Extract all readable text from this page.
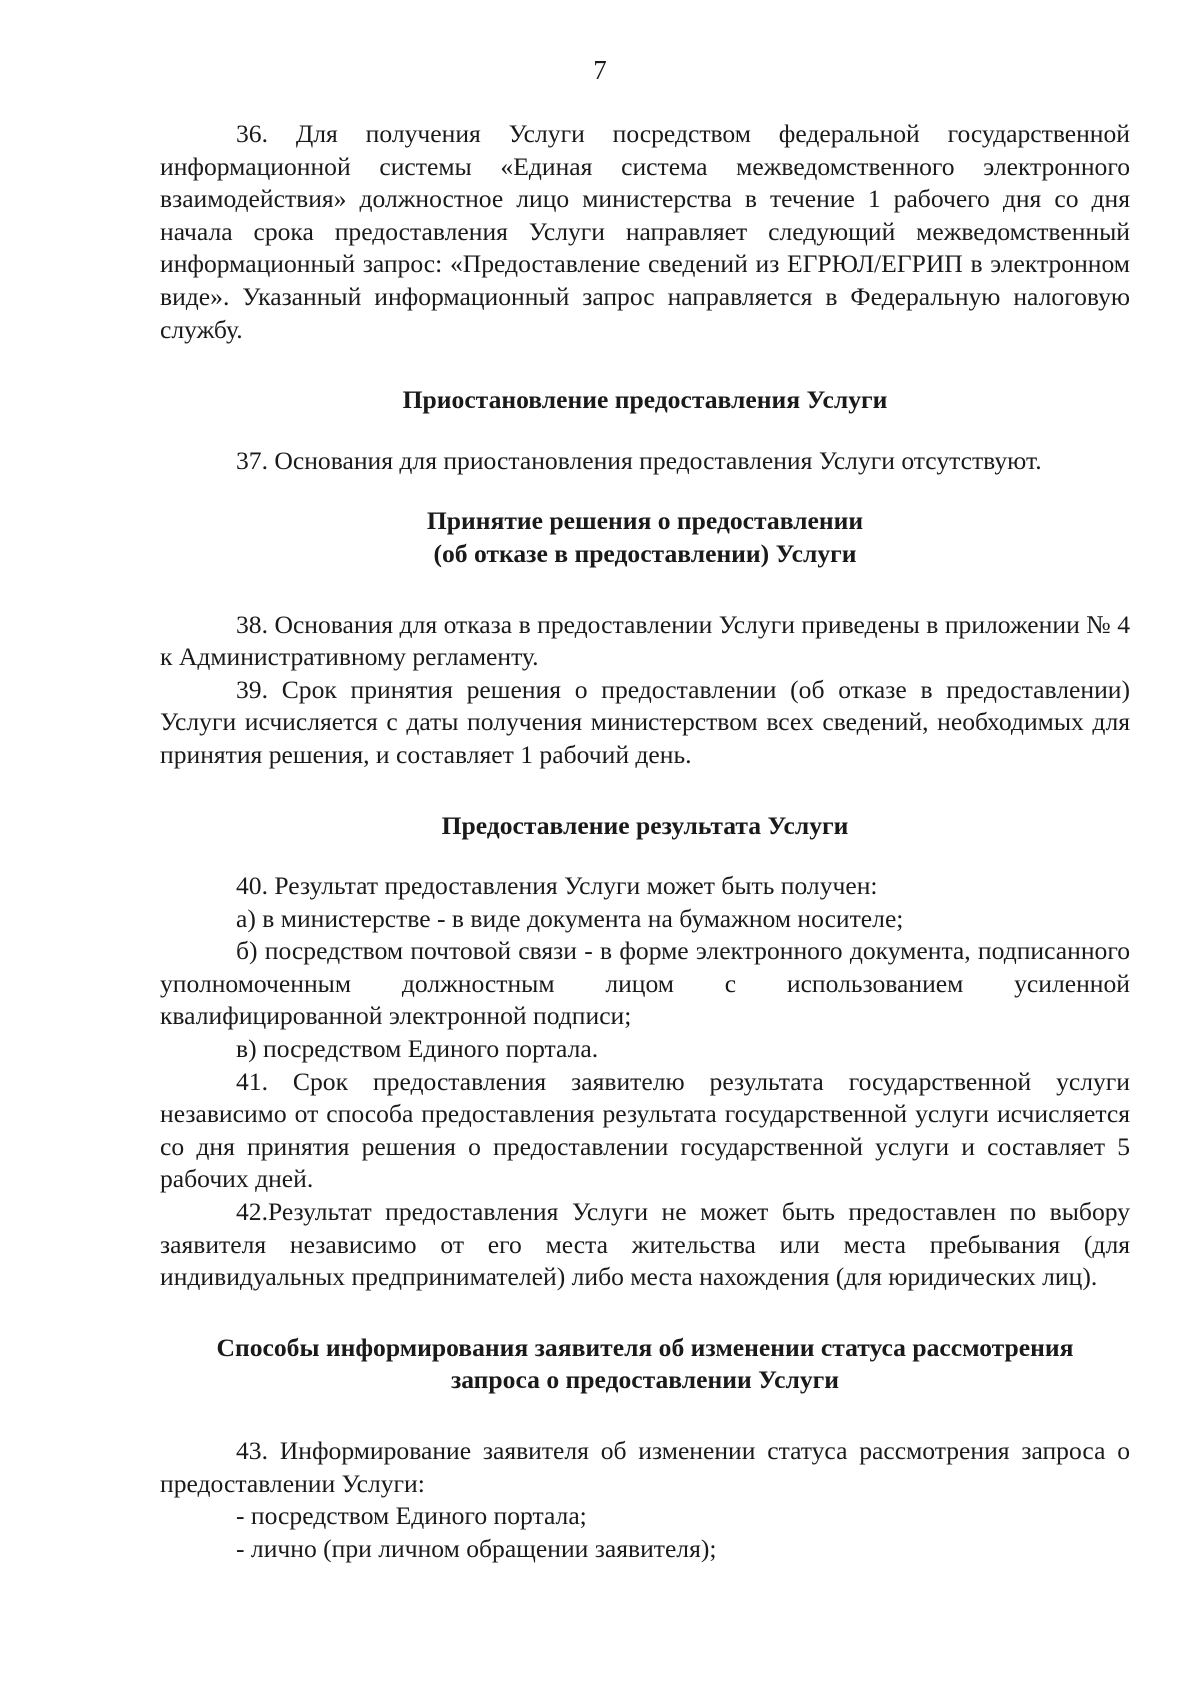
7

36. Для получения Услуги посредством федеральной государственной информационной системы «Единая система межведомственного электронного взаимодействия» должностное лицо министерства в течение 1 рабочего дня со дня начала срока предоставления Услуги направляет следующий межведомственный информационный запрос: «Предоставление сведений из ЕГРЮЛ/ЕГРИП в электронном виде». Указанный информационный запрос направляется в Федеральную налоговую службу.

Приостановление предоставления Услуги

37. Основания для приостановления предоставления Услуги отсутствуют.

Принятие решения о предоставлении

(об отказе в предоставлении) Услуги

38. Основания для отказа в предоставлении Услуги приведены в приложении № 4 к Административному регламенту.

39. Срок принятия решения о предоставлении (об отказе в предоставлении) Услуги исчисляется с даты получения министерством всех сведений, необходимых для принятия решения, и составляет 1 рабочий день.

Предоставление результата Услуги

40. Результат предоставления Услуги может быть получен:

а) в министерстве - в виде документа на бумажном носителе;

б) посредством почтовой связи - в форме электронного документа, подписанного уполномоченным должностным лицом с использованием усиленной квалифицированной электронной подписи;

в) посредством Единого портала.

41. Срок предоставления заявителю результата государственной услуги независимо от способа предоставления результата государственной услуги исчисляется со дня принятия решения о предоставлении государственной услуги и составляет 5 рабочих дней.

42.Результат предоставления Услуги не может быть предоставлен по выбору заявителя независимо от его места жительства или места пребывания (для индивидуальных предпринимателей) либо места нахождения (для юридических лиц).

Способы информирования заявителя об изменении статуса рассмотрения

запроса о предоставлении Услуги

43. Информирование заявителя об изменении статуса рассмотрения запроса о предоставлении Услуги:

- посредством Единого портала;

- лично (при личном обращении заявителя);
